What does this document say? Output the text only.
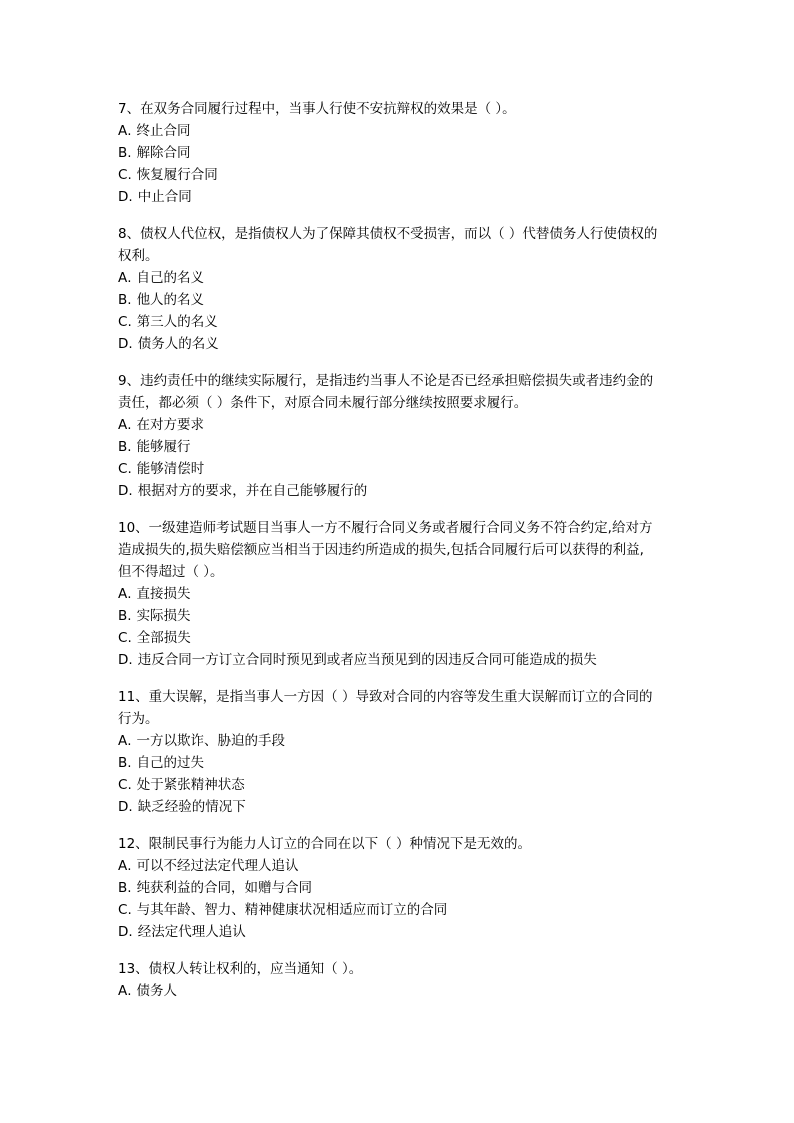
7、在双务合同履行过程中，当事人行使不安抗辩权的效果是（ ）。
A . 终止合同
B . 解除合同
C . 恢复履行合同
D . 中止合同
8、债权人代位权，是指债权人为了保障其债权不受损害，而以（ ）代替债务人行使债权的
权利。
A . 自己的名义
B . 他人的名义
C . 第三人的名义
D . 债务人的名义
9、违约责任中的继续实际履行，是指违约当事人不论是否已经承担赔偿损失或者违约金的
责任，都必须（ ）条件下，对原合同未履行部分继续按照要求履行。
A . 在对方要求
B . 能够履行
C . 能够清偿时
D . 根据对方的要求，并在自己能够履行的
10、一级建造师考试题目当事人一方不履行合同义务或者履行合同义务不符合约定,给对方
造成损失的,损失赔偿额应当相当于因违约所造成的损失,包括合同履行后可以获得的利益,
但不得超过（ ）。
A . 直接损失
B . 实际损失
C . 全部损失
D . 违反合同一方订立合同时预见到或者应当预见到的因违反合同可能造成的损失
11、重大误解，是指当事人一方因（ ）导致对合同的内容等发生重大误解而订立的合同的
行为。
A . 一方以欺诈、胁迫的手段
B . 自己的过失
C . 处于紧张精神状态
D . 缺乏经验的情况下
12、限制民事行为能力人订立的合同在以下（ ）种情况下是无效的。
A . 可以不经过法定代理人追认
B . 纯获利益的合同，如赠与合同
C . 与其年龄、智力、精神健康状况相适应而订立的合同
D . 经法定代理人追认
13、债权人转让权利的，应当通知（ ）。
A . 债务人
